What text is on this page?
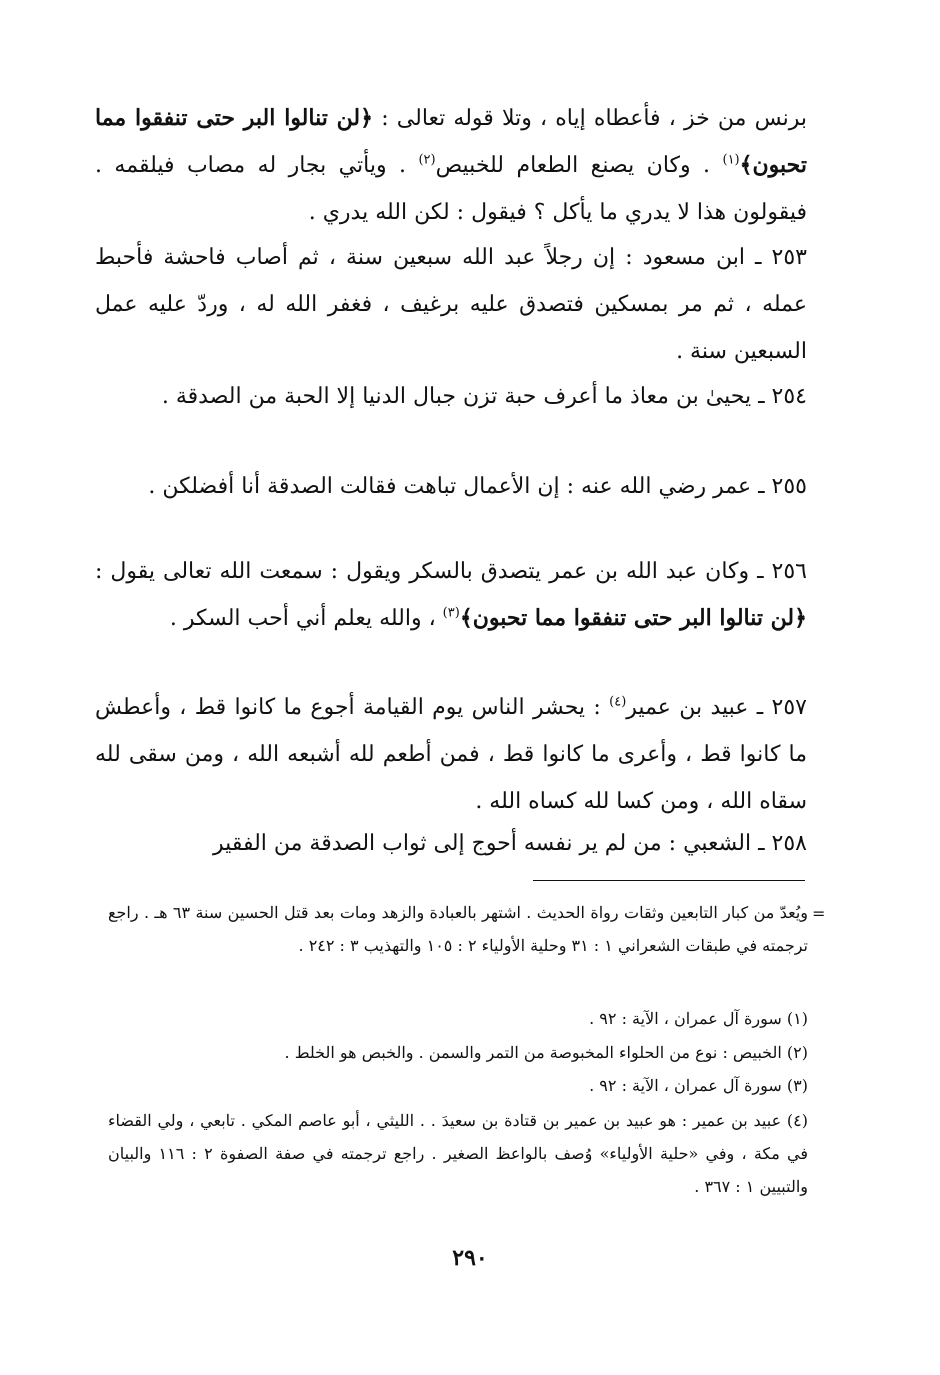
برنس من خز ، فأعطاه إياه ، وتلا قوله تعالى : ﴿لن تنالوا البر حتى تنفقوا مما تحبون﴾$^{(١)}$ . وكان يصنع الطعام للخبيص$^{(٢)}$ . ويأتي بجار له مصاب فيلقمه . فيقولون هذا لا يدري ما يأكل ؟ فيقول : لكن الله يدري .

٢٥٣ ـ ابن مسعود : إن رجلاً عبد الله سبعين سنة ، ثم أصاب فاحشة فأحبط عمله ، ثم مر بمسكين فتصدق عليه برغيف ، فغفر الله له ، وردّ عليه عمل السبعين سنة .

٢٥٤ ـ يحيىٰ بن معاذ ما أعرف حبة تزن جبال الدنيا إلا الحبة من الصدقة .

٢٥٥ ـ عمر رضي الله عنه : إن الأعمال تباهت فقالت الصدقة أنا أفضلكن .

٢٥٦ ـ وكان عبد الله بن عمر يتصدق بالسكر ويقول : سمعت الله تعالى يقول : ﴿لن تنالوا البر حتى تنفقوا مما تحبون﴾$^{(٣)}$ ، والله يعلم أني أحب السكر .

٢٥٧ ـ عبيد بن عمير$^{(٤)}$ : يحشر الناس يوم القيامة أجوع ما كانوا قط ، وأعطش ما كانوا قط ، وأعرى ما كانوا قط ، فمن أطعم لله أشبعه الله ، ومن سقى لله سقاه الله ، ومن كسا لله كساه الله .

٢٥٨ ـ الشعبي : من لم ير نفسه أحوج إلى ثواب الصدقة من الفقير

=

ويُعدّ من كبار التابعين وثقات رواة الحديث . اشتهر بالعبادة والزهد ومات بعد قتل الحسين سنة ٦٣ هـ . راجع ترجمته في طبقات الشعراني ١ : ٣١ وحلية الأولياء ٢ : ١٠٥ والتهذيب ٣ : ٢٤٢ .

(١) سورة آل عمران ، الآية : ٩٢ .

(٢) الخبيص : نوع من الحلواء المخبوصة من التمر والسمن . والخبص هو الخلط .

(٣) سورة آل عمران ، الآية : ٩٢ .

(٤) عبيد بن عمير : هو عبيد بن عمير بن قتادة بن سعيدَ . . الليثي ، أبو عاصم المكي . تابعي ، ولي القضاء في مكة ، وفي «حلية الأولياء» وُصف بالواعظ الصغير . راجع ترجمته في صفة الصفوة ٢ : ١١٦ والبيان والتبيين ١ : ٣٦٧ .

٢٩٠
